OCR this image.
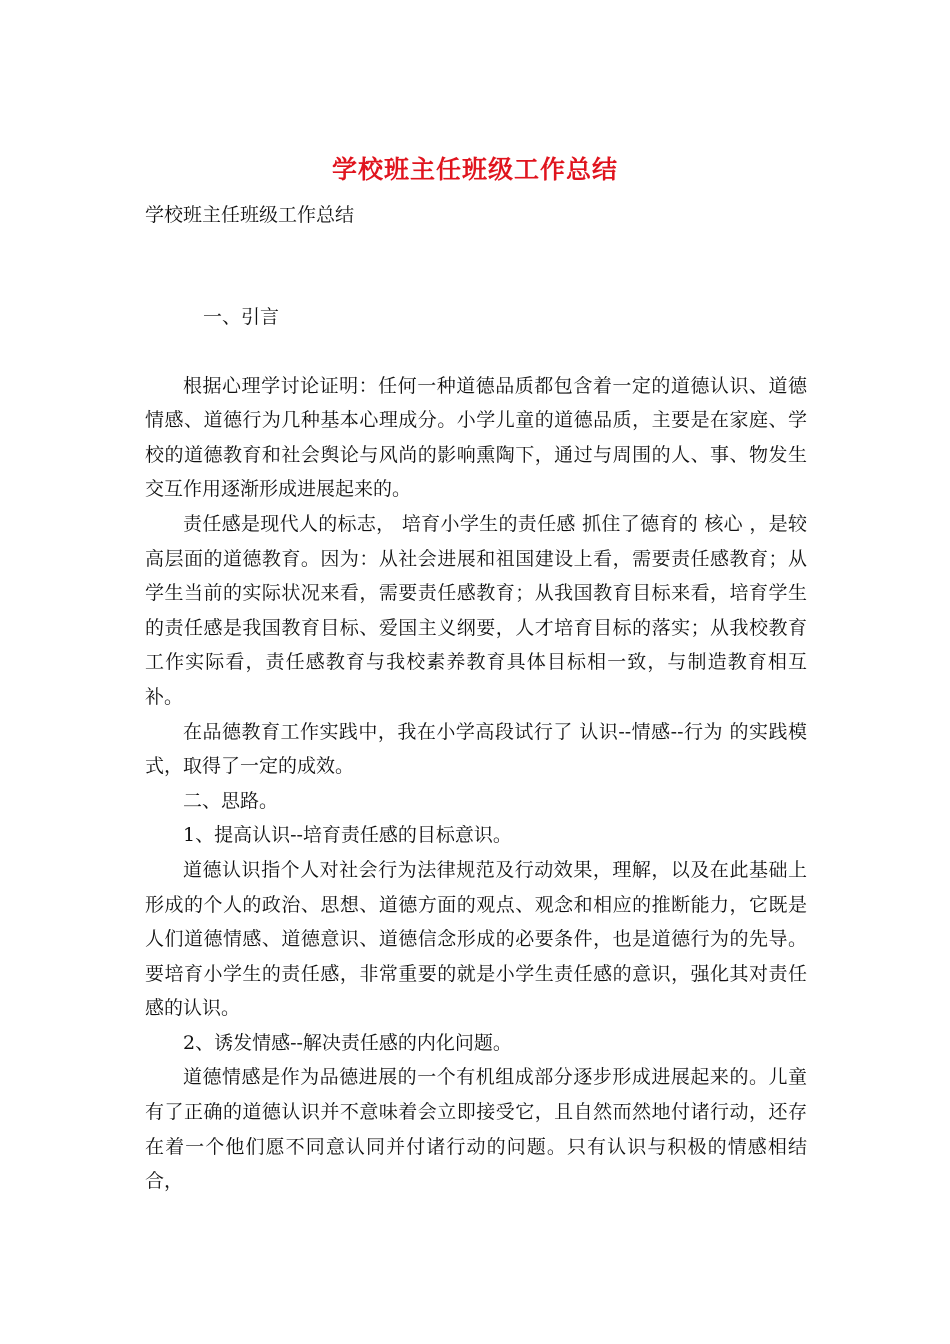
学校班主任班级工作总结
学校班主任班级工作总结

一、引言

根据心理学讨论证明：任何一种道德品质都包含着一定的道德认识、道德情感、道德行为几种基本心理成分。小学儿童的道德品质，主要是在家庭、学校的道德教育和社会舆论与风尚的影响熏陶下，通过与周围的人、事、物发生交互作用逐渐形成进展起来的。

责任感是现代人的标志， 培育小学生的责任感 抓住了德育的 核心 ，是较高层面的道德教育。因为：从社会进展和祖国建设上看，需要责任感教育；从学生当前的实际状况来看，需要责任感教育；从我国教育目标来看，培育学生的责任感是我国教育目标、爱国主义纲要，人才培育目标的落实；从我校教育工作实际看，责任感教育与我校素养教育具体目标相一致，与制造教育相互补。

在品德教育工作实践中，我在小学高段试行了 认识--情感--行为 的实践模式，取得了一定的成效。

二、思路。

1、提高认识--培育责任感的目标意识。

道德认识指个人对社会行为法律规范及行动效果，理解，以及在此基础上形成的个人的政治、思想、道德方面的观点、观念和相应的推断能力，它既是人们道德情感、道德意识、道德信念形成的必要条件，也是道德行为的先导。要培育小学生的责任感，非常重要的就是小学生责任感的意识，强化其对责任感的认识。

2、诱发情感--解决责任感的内化问题。

道德情感是作为品德进展的一个有机组成部分逐步形成进展起来的。儿童有了正确的道德认识并不意味着会立即接受它，且自然而然地付诸行动，还存在着一个他们愿不同意认同并付诸行动的问题。只有认识与积极的情感相结合，
